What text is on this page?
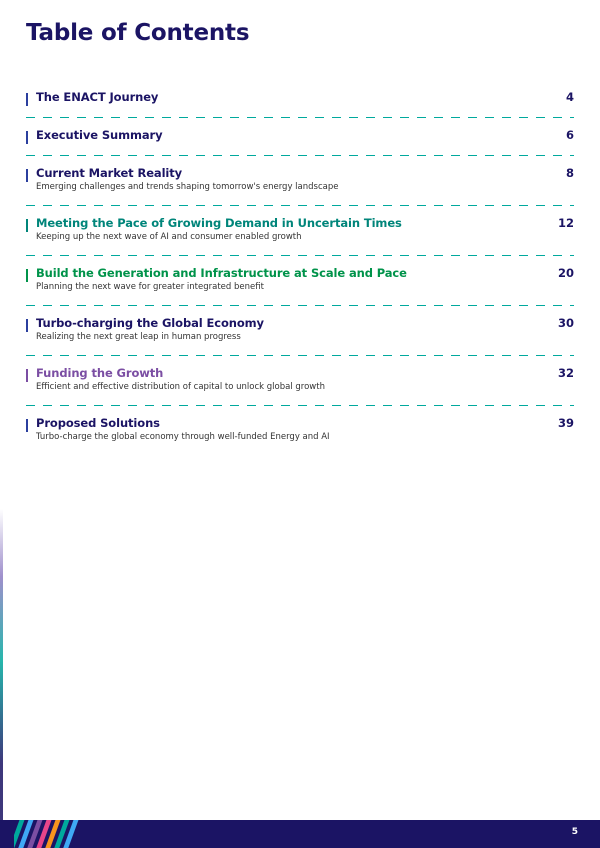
Table of Contents
The ENACT Journey	4
Executive Summary	6
Current Market Reality	8
Emerging challenges and trends shaping tomorrow's energy landscape
Meeting the Pace of Growing Demand in Uncertain Times	12
Keeping up the next wave of AI and consumer enabled growth
Build the Generation and Infrastructure at Scale and Pace	20
Planning the next wave for greater integrated benefit
Turbo-charging the Global Economy	30
Realizing the next great leap in human progress
Funding the Growth	32
Efficient and effective distribution of capital to unlock global growth
Proposed Solutions	39
Turbo-charge the global economy through well-funded Energy and AI
5
